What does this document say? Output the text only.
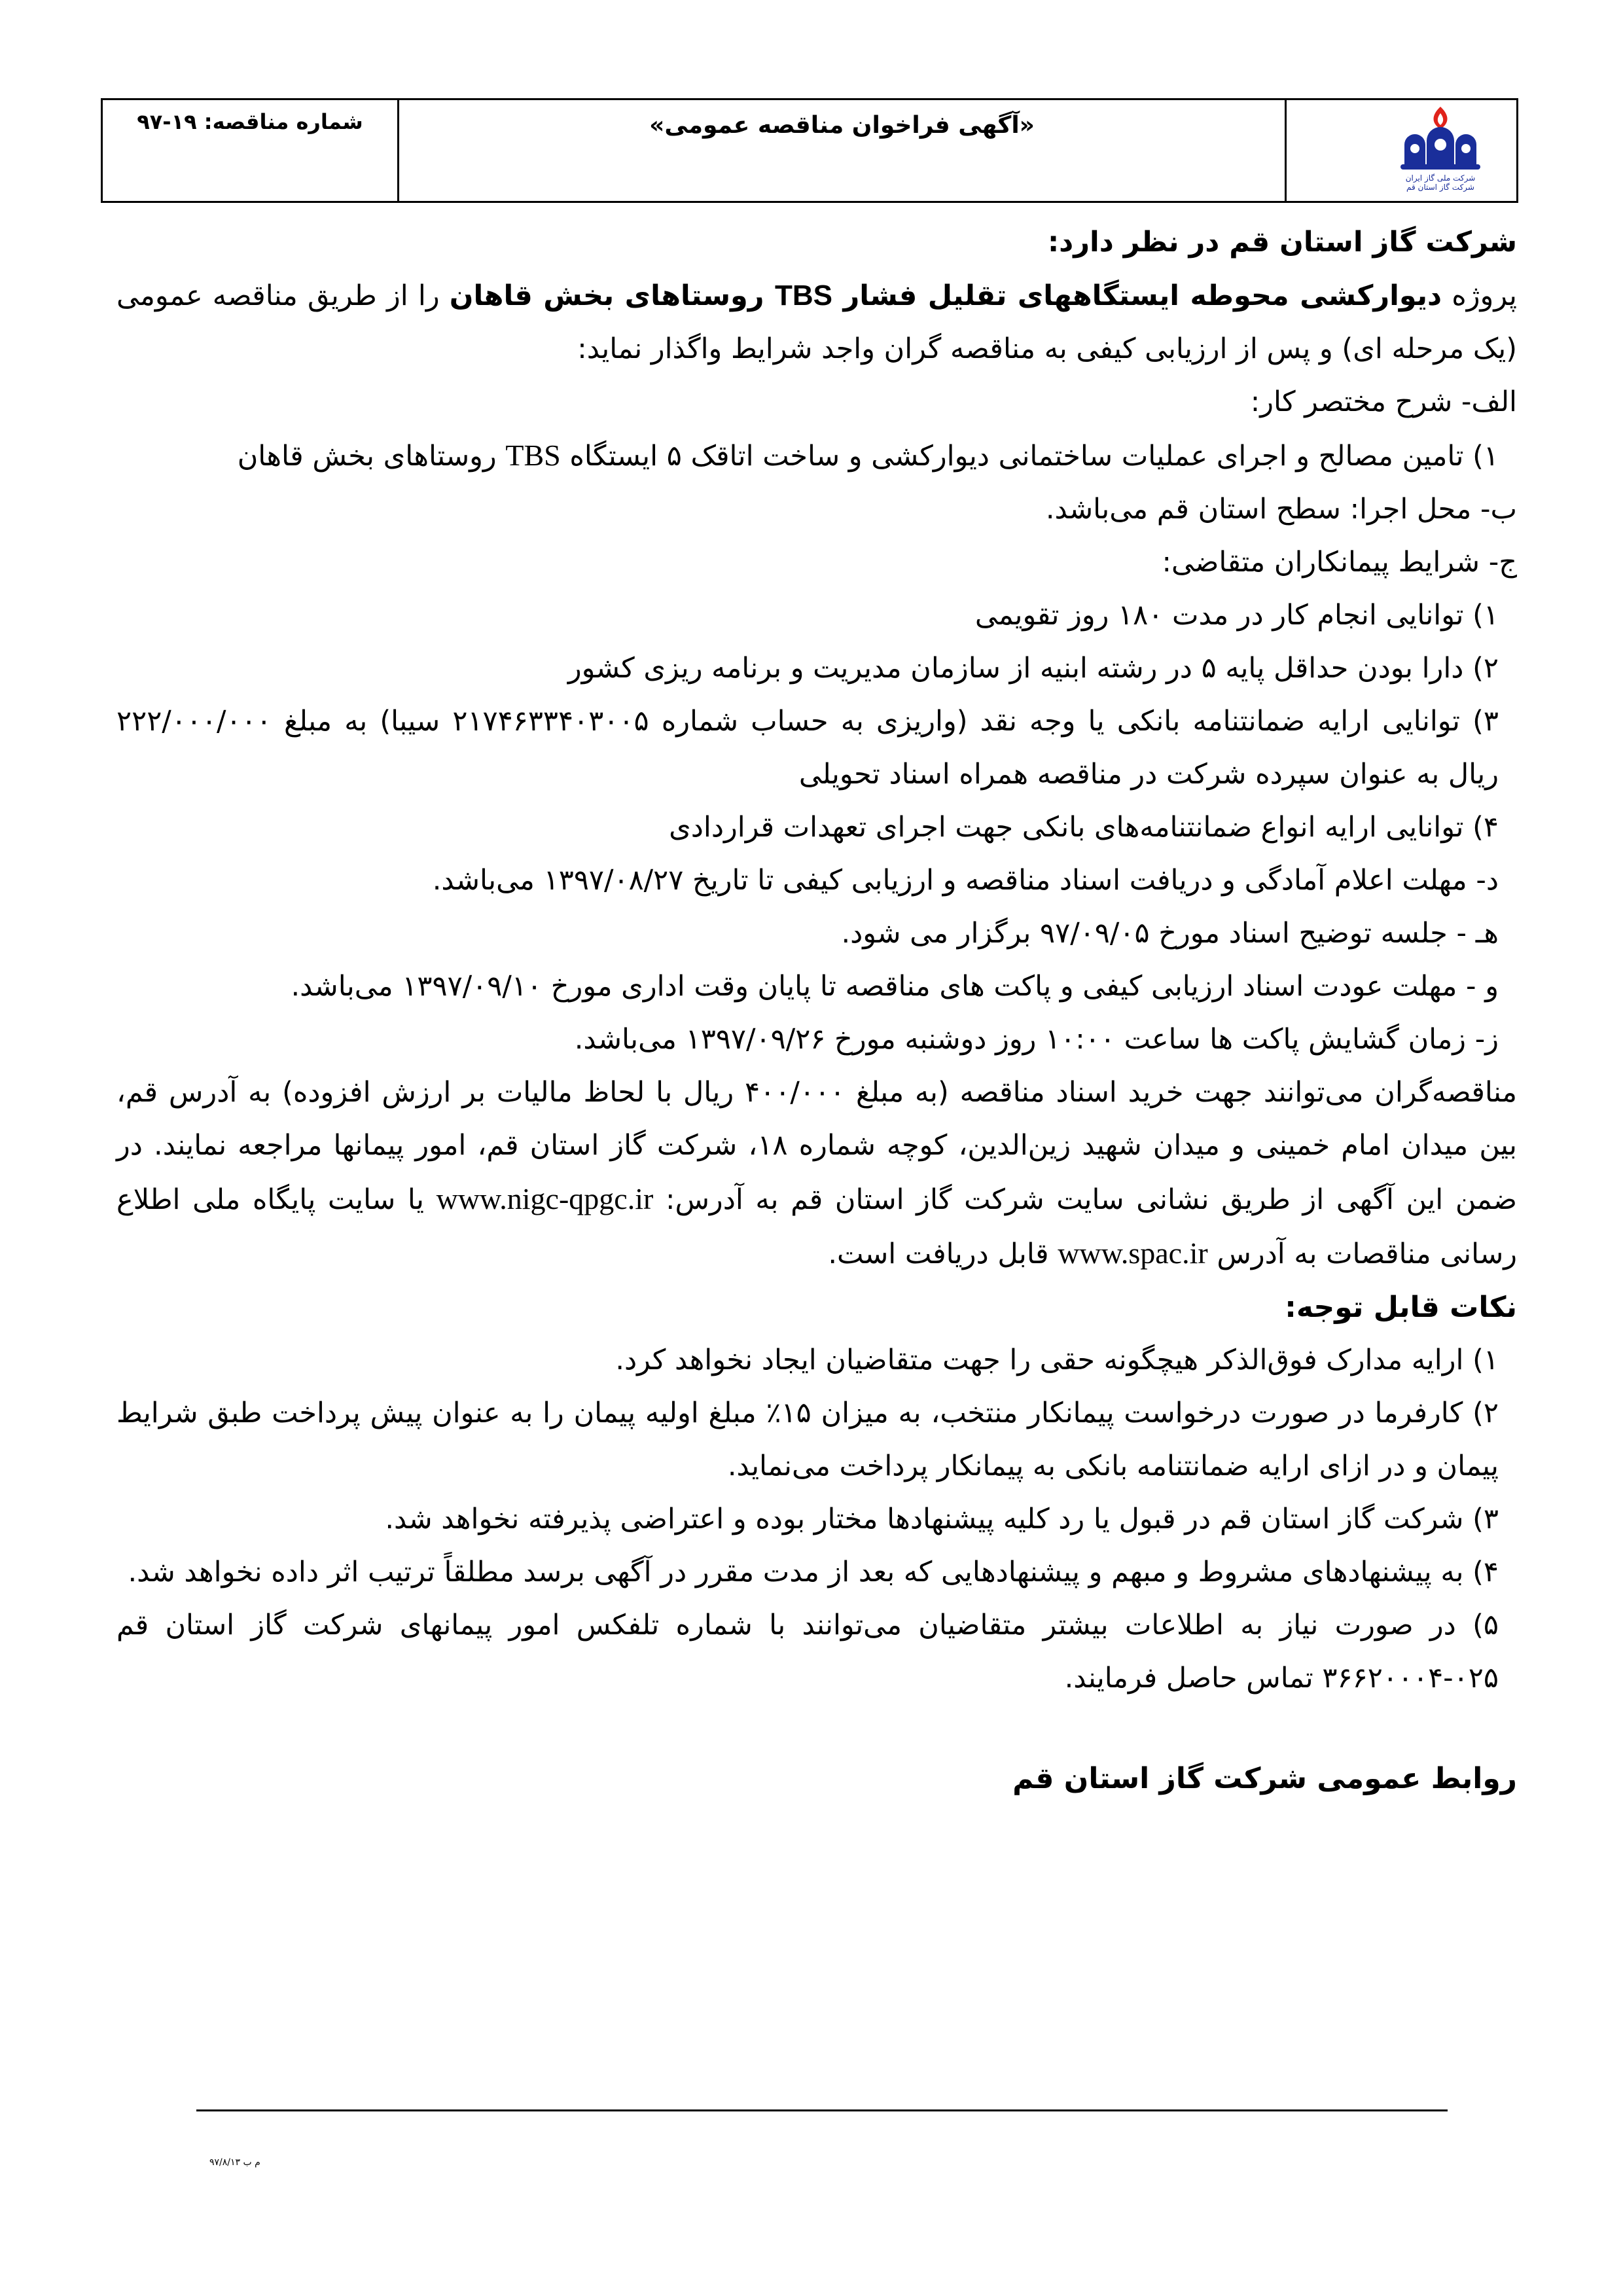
شرکت ملی گاز ایران
شرکت گاز استان قم
«آگهی فراخوان مناقصه عمومی»
شماره مناقصه: ۱۹-۹۷

شرکت گاز استان قم در نظر دارد:

پروژه دیوارکشی محوطه ایستگاههای تقلیل فشار TBS روستاهای بخش قاهان را از طریق مناقصه عمومی (یک مرحله ای) و پس از ارزیابی کیفی به مناقصه گران واجد شرایط واگذار نماید:

الف- شرح مختصر کار:

۱) تامین مصالح و اجرای عملیات ساختمانی دیوارکشی و ساخت اتاقک ۵ ایستگاه TBS روستاهای بخش قاهان

ب- محل اجرا: سطح استان قم می‌باشد.

ج- شرایط پیمانکاران متقاضی:

۱) توانایی انجام کار در مدت ۱۸۰ روز تقویمی

۲) دارا بودن حداقل پایه ۵ در رشته ابنیه از سازمان مدیریت و برنامه ریزی کشور

۳) توانایی ارایه ضمانتنامه بانکی یا وجه نقد (واریزی به حساب شماره ۲۱۷۴۶۳۳۴۰۳۰۰۵ سیبا) به مبلغ ۲۲۲/۰۰۰/۰۰۰ ریال به عنوان سپرده شرکت در مناقصه همراه اسناد تحویلی

۴) توانایی ارایه انواع ضمانتنامه‌های بانکی جهت اجرای تعهدات قراردادی

د- مهلت اعلام آمادگی و دریافت اسناد مناقصه و ارزیابی کیفی تا تاریخ ۱۳۹۷/۰۸/۲۷ می‌باشد.

هـ - جلسه توضیح اسناد مورخ ۹۷/۰۹/۰۵ برگزار می شود.

و - مهلت عودت اسناد ارزیابی کیفی و پاکت های مناقصه تا پایان وقت اداری مورخ ۱۳۹۷/۰۹/۱۰ می‌باشد.

ز- زمان گشایش پاکت ها ساعت ۱۰:۰۰ روز دوشنبه مورخ ۱۳۹۷/۰۹/۲۶ می‌باشد.

مناقصه‌گران می‌توانند جهت خرید اسناد مناقصه (به مبلغ ۴۰۰/۰۰۰ ریال با لحاظ مالیات بر ارزش افزوده) به آدرس قم، بین میدان امام خمینی و میدان شهید زین‌الدین، کوچه شماره ۱۸، شرکت گاز استان قم، امور پیمانها مراجعه نمایند. در ضمن این آگهی از طریق نشانی سایت شرکت گاز استان قم به آدرس: www.nigc-qpgc.ir یا سایت پایگاه ملی اطلاع رسانی مناقصات به آدرس www.spac.ir قابل دریافت است.

نکات قابل توجه:

۱) ارایه مدارک فوق‌الذکر هیچگونه حقی را جهت متقاضیان ایجاد نخواهد کرد.

۲) کارفرما در صورت درخواست پیمانکار منتخب، به میزان ۱۵٪ مبلغ اولیه پیمان را به عنوان پیش پرداخت طبق شرایط پیمان و در ازای ارایه ضمانتنامه بانکی به پیمانکار پرداخت می‌نماید.

۳) شرکت گاز استان قم در قبول یا رد کلیه پیشنهادها مختار بوده و اعتراضی پذیرفته نخواهد شد.

۴) به پیشنهادهای مشروط و مبهم و پیشنهادهایی که بعد از مدت مقرر در آگهی برسد مطلقاً ترتیب اثر داده نخواهد شد.

۵) در صورت نیاز به اطلاعات بیشتر متقاضیان می‌توانند با شماره تلفکس امور پیمانهای شرکت گاز استان قم ۰۲۵-۳۶۶۲۰۰۰۴ تماس حاصل فرمایند.

روابط عمومی شرکت گاز استان قم

م ب ۹۷/۸/۱۳
